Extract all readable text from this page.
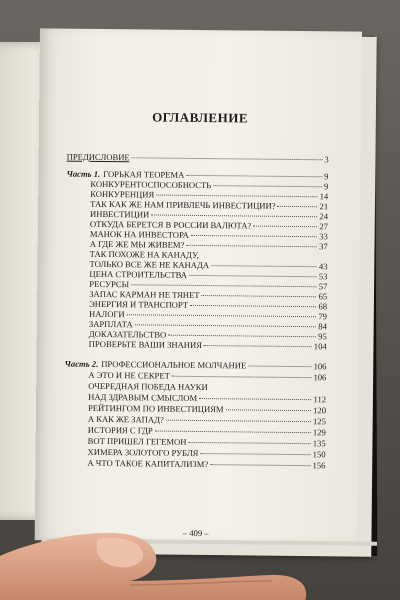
ОГЛАВЛЕНИЕ
ПРЕДИСЛОВИЕ	3
Часть 1. ГОРЬКАЯ ТЕОРЕМА	9
КОНКУРЕНТОСПОСОБНОСТЬ	9
КОНКУРЕНЦИЯ	14
ТАК КАК ЖЕ НАМ ПРИВЛЕЧЬ ИНВЕСТИЦИИ?	21
ИНВЕСТИЦИИ	24
ОТКУДА БЕРЕТСЯ В РОССИИ ВАЛЮТА?	27
МАНОК НА ИНВЕСТОРА	33
А ГДЕ ЖЕ МЫ ЖИВЕМ?	37
ТАК ПОХОЖЕ НА КАНАДУ,
ТОЛЬКО ВСЕ ЖЕ НЕ КАНАДА	43
ЦЕНА СТРОИТЕЛЬСТВА	53
РЕСУРСЫ	57
ЗАПАС КАРМАН НЕ ТЯНЕТ	65
ЭНЕРГИЯ И ТРАНСПОРТ	68
НАЛОГИ	79
ЗАРПЛАТА	84
ДОКАЗАТЕЛЬСТВО	95
ПРОВЕРЬТЕ ВАШИ ЗНАНИЯ	104
Часть 2. ПРОФЕССИОНАЛЬНОЕ МОЛЧАНИЕ	106
А ЭТО И НЕ СЕКРЕТ	106
ОЧЕРЕДНАЯ ПОБЕДА НАУКИ
НАД ЗДРАВЫМ СМЫСЛОМ	112
РЕЙТИНГОМ ПО ИНВЕСТИЦИЯМ	120
А КАК ЖЕ ЗАПАД?	125
ИСТОРИЯ С ГДР	129
ВОТ ПРИШЕЛ ГЕГЕМОН	135
ХИМЕРА ЗОЛОТОГО РУБЛЯ	150
А ЧТО ТАКОЕ КАПИТАЛИЗМ?	156
– 409 –
